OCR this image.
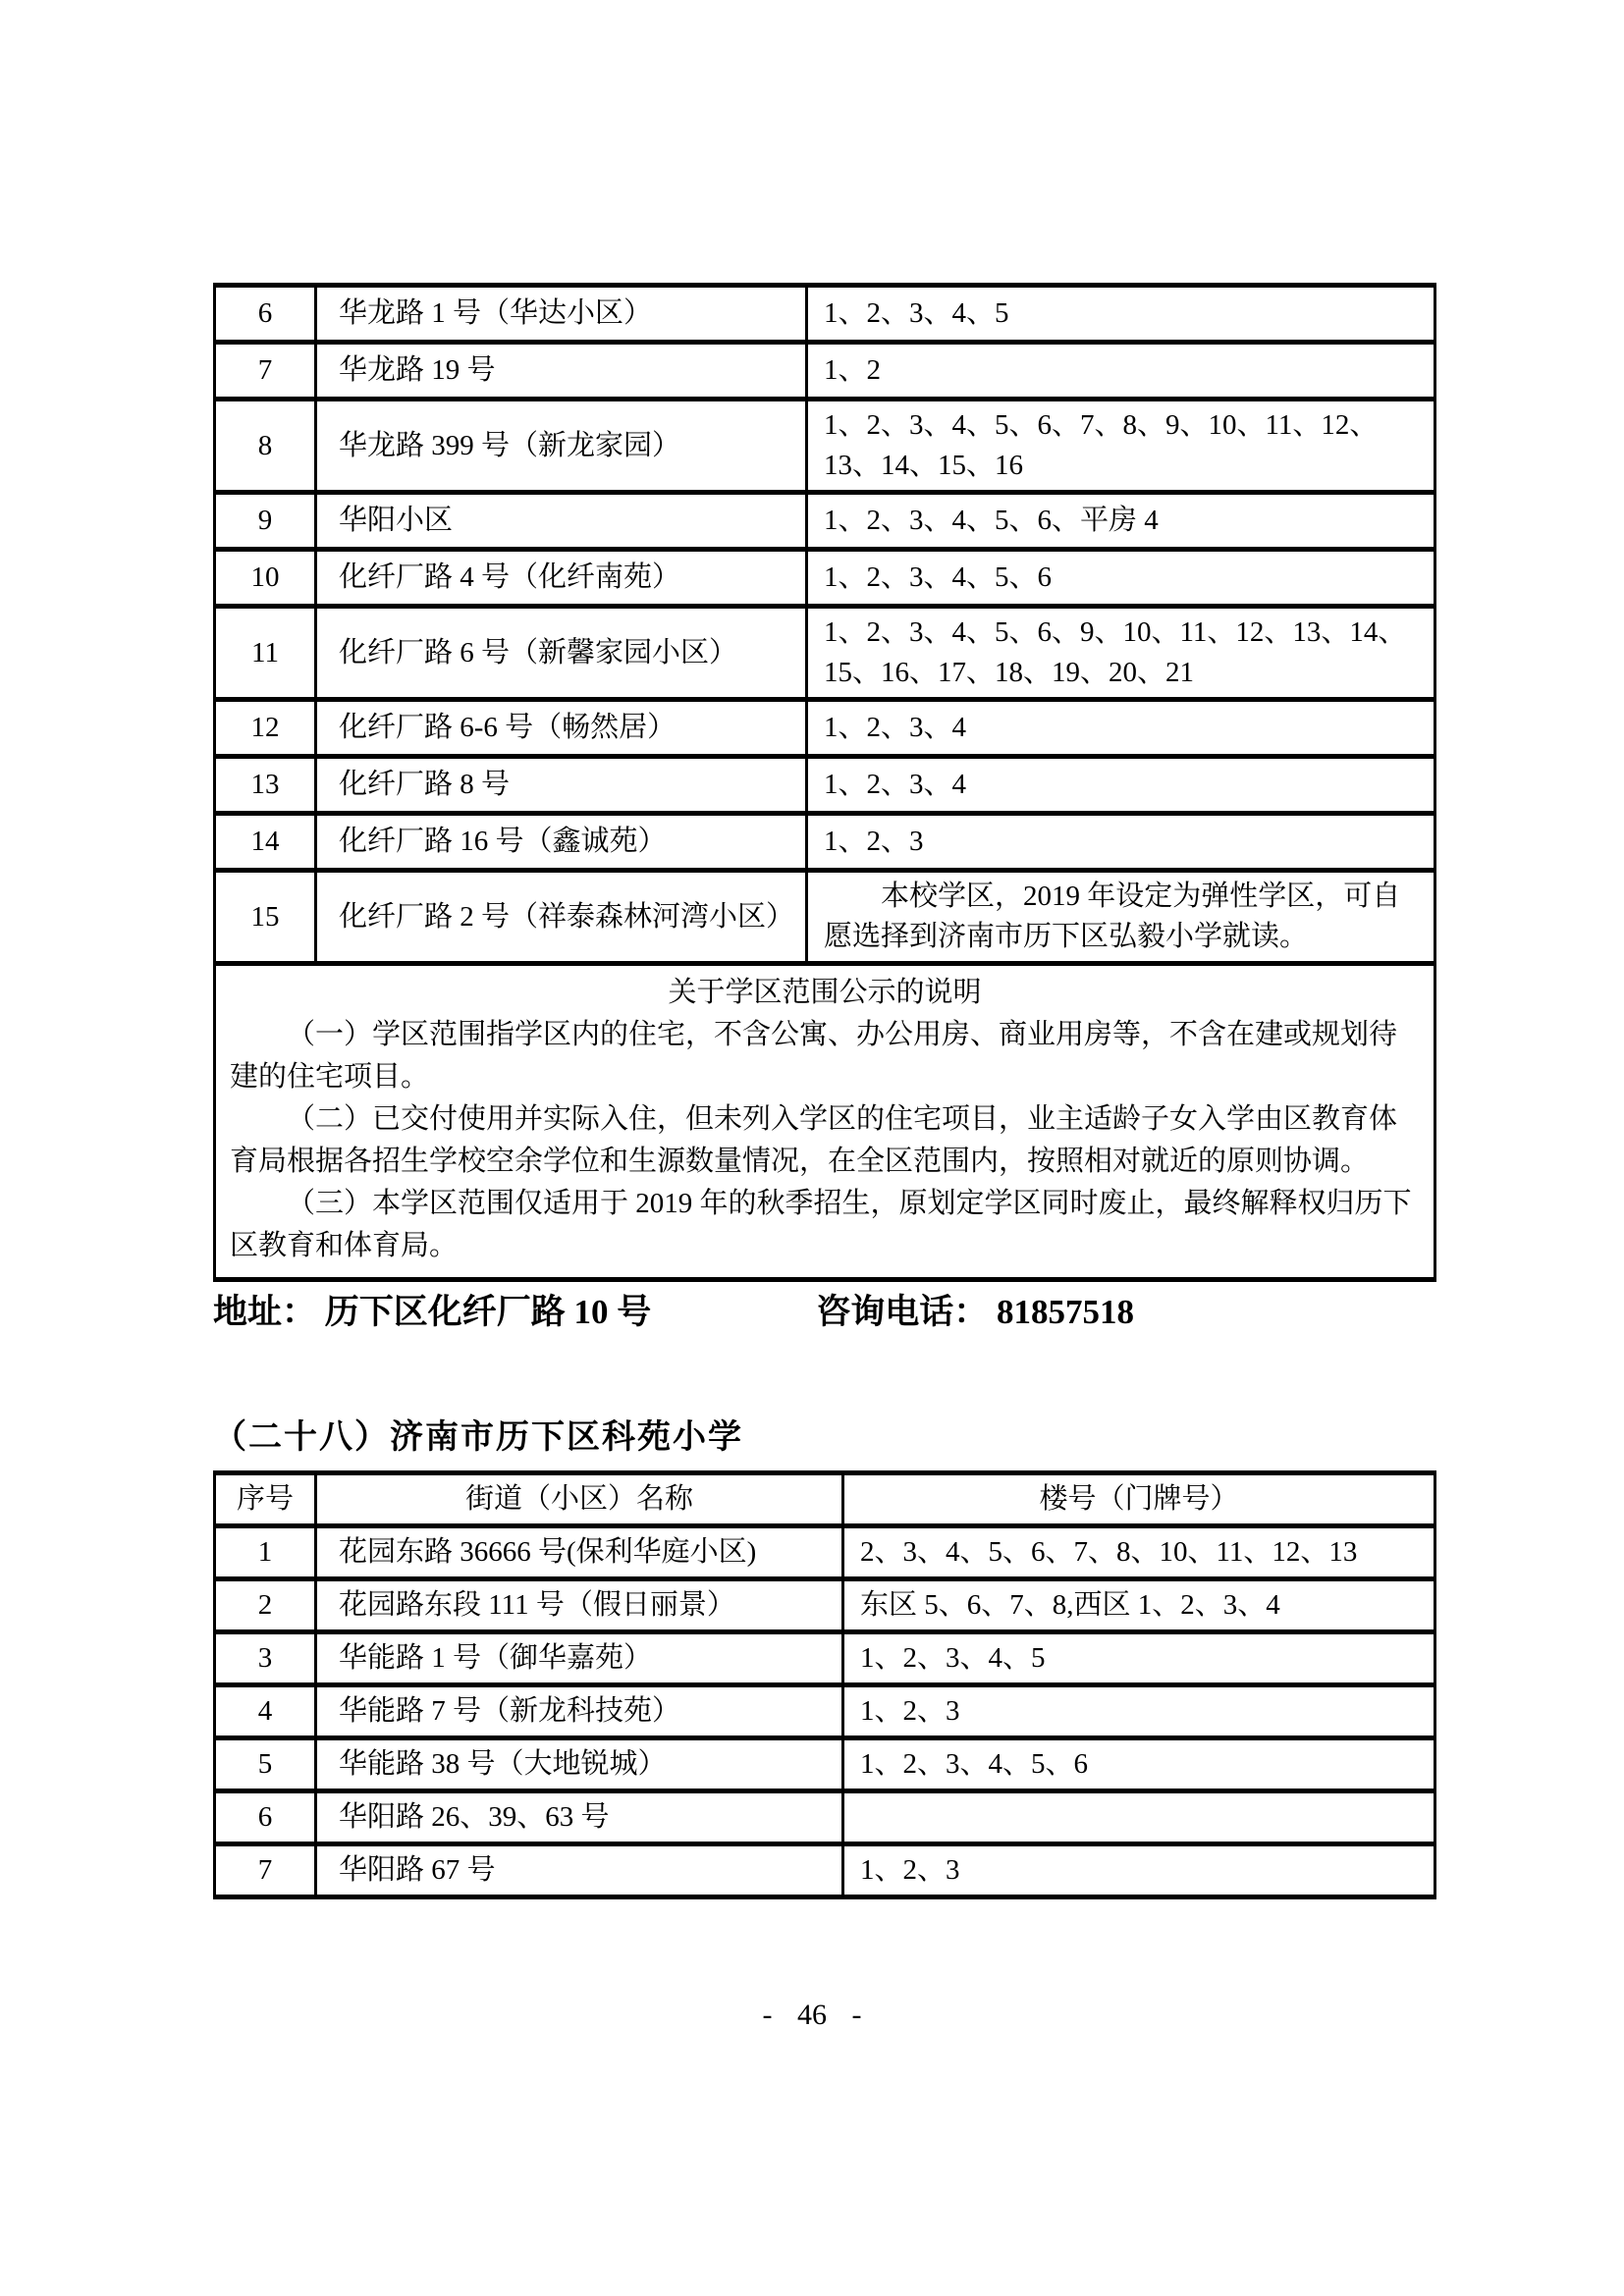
6	华龙路 1 号（华达小区）	1、2、3、4、5
7	华龙路 19 号	1、2
8	华龙路 399 号（新龙家园）	1、2、3、4、5、6、7、8、9、10、11、12、13、14、15、16
9	华阳小区	1、2、3、4、5、6、平房 4
10	化纤厂路 4 号（化纤南苑）	1、2、3、4、5、6
11	化纤厂路 6 号（新馨家园小区）	1、2、3、4、5、6、9、10、11、12、13、14、15、16、17、18、19、20、21
12	化纤厂路 6-6 号（畅然居）	1、2、3、4
13	化纤厂路 8 号	1、2、3、4
14	化纤厂路 16 号（鑫诚苑）	1、2、3
15	化纤厂路 2 号（祥泰森林河湾小区）	本校学区，2019 年设定为弹性学区，可自愿选择到济南市历下区弘毅小学就读。

关于学区范围公示的说明

（一）学区范围指学区内的住宅，不含公寓、办公用房、商业用房等，不含在建或规划待建的住宅项目。

（二）已交付使用并实际入住，但未列入学区的住宅项目，业主适龄子女入学由区教育体育局根据各招生学校空余学位和生源数量情况，在全区范围内，按照相对就近的原则协调。

（三）本学区范围仅适用于 2019 年的秋季招生，原划定学区同时废止，最终解释权归历下区教育和体育局。		

地址： 历下区化纤厂路 10 号	咨询电话： 81857518
（二十八）济南市历下区科苑小学
序号	街道（小区）名称	楼号（门牌号）
1	花园东路 36666 号(保利华庭小区)	2、3、4、5、6、7、8、10、11、12、13
2	花园路东段 111 号（假日丽景）	东区 5、6、7、8,西区 1、2、3、4
3	华能路 1 号（御华嘉苑）	1、2、3、4、5
4	华能路 7 号（新龙科技苑）	1、2、3
5	华能路 38 号（大地锐城）	1、2、3、4、5、6
6	华阳路 26、39、63 号	
7	华阳路 67 号	1、2、3
- 46 -
